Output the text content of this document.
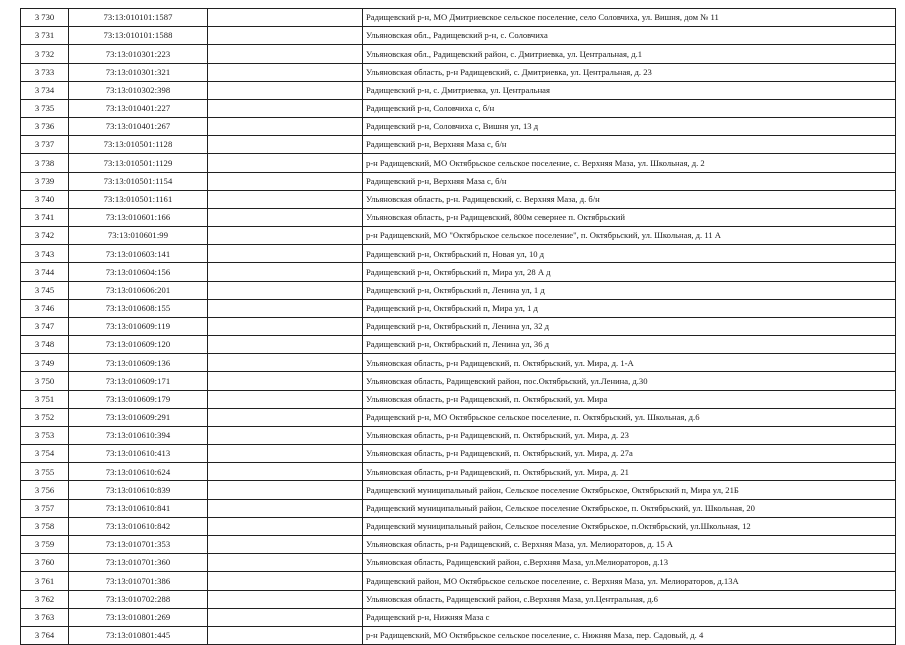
3 730	73:13:010101:1587		Радищевский р-н, МО Дмитриевское сельское поселение, село Соловчиха, ул. Вишня, дом № 11
3 731	73:13:010101:1588		Ульяновская обл., Радищевский р-н, с. Соловчиха
3 732	73:13:010301:223		Ульяновская обл., Радищевский район, с. Дмитриевка, ул. Центральная, д.1
3 733	73:13:010301:321		Ульяновская область, р-н Радищевский, с. Дмитриевка, ул. Центральная, д. 23
3 734	73:13:010302:398		Радищевский р-н, с. Дмитриевка, ул. Центральная
3 735	73:13:010401:227		Радищевский р-н, Соловчиха с, б/н
3 736	73:13:010401:267		Радищевский р-н, Соловчиха с, Вишня ул, 13 д
3 737	73:13:010501:1128		Радищевский р-н, Верхняя Маза с, б/н
3 738	73:13:010501:1129		р-н Радищевский, МО Октябрьское сельское поселение, с. Верхняя Маза, ул. Школьная, д. 2
3 739	73:13:010501:1154		Радищевский р-н, Верхняя Маза с, б/н
3 740	73:13:010501:1161		Ульяновская область, р-н. Радищевский, с. Верхняя Маза, д. б/н
3 741	73:13:010601:166		Ульяновская область, р-н Радищевский, 800м севернее п. Октябрьский
3 742	73:13:010601:99		р-н Радищевский, МО "Октябрьское сельское поселение", п. Октябрьский, ул. Школьная, д. 11 А
3 743	73:13:010603:141		Радищевский р-н, Октябрьский п, Новая ул, 10 д
3 744	73:13:010604:156		Радищевский р-н, Октябрьский п, Мира ул, 28 А д
3 745	73:13:010606:201		Радищевский р-н, Октябрьский п, Ленина ул, 1 д
3 746	73:13:010608:155		Радищевский р-н, Октябрьский п, Мира ул, 1 д
3 747	73:13:010609:119		Радищевский р-н, Октябрьский п, Ленина ул, 32 д
3 748	73:13:010609:120		Радищевский р-н, Октябрьский п, Ленина ул, 36 д
3 749	73:13:010609:136		Ульяновская область, р-н Радищевский, п. Октябрьский, ул. Мира, д. 1-А
3 750	73:13:010609:171		Ульяновская область, Радищевский район, пос.Октябрьский, ул.Ленина, д.30
3 751	73:13:010609:179		Ульяновская область, р-н Радищевский, п. Октябрьский, ул. Мира
3 752	73:13:010609:291		Радищевский р-н, МО Октябрьское сельское поселение, п. Октябрьский, ул. Школьная, д.6
3 753	73:13:010610:394		Ульяновская область, р-н Радищевский, п. Октябрьский, ул. Мира, д. 23
3 754	73:13:010610:413		Ульяновская область, р-н Радищевский, п. Октябрьский, ул. Мира, д. 27а
3 755	73:13:010610:624		Ульяновская область, р-н Радищевский, п. Октябрьский, ул. Мира, д. 21
3 756	73:13:010610:839		Радищевский муниципальный район, Сельское поселение Октябрьское, Октябрьский п, Мира ул, 21Б
3 757	73:13:010610:841		Радищевский муниципальный район, Сельское поселение Октябрьское, п. Октябрьский, ул. Школьная, 20
3 758	73:13:010610:842		Радищевский муниципальный район, Сельское поселение Октябрьское, п.Октябрьский, ул.Школьная, 12
3 759	73:13:010701:353		Ульяновская область, р-н Радищевский, с. Верхняя Маза, ул. Мелиораторов, д. 15 А
3 760	73:13:010701:360		Ульяновская область, Радищевский район, с.Верхняя Маза, ул.Мелиораторов, д.13
3 761	73:13:010701:386		Радищевский район, МО Октябрьское сельское поселение, с. Верхняя Маза, ул. Мелиораторов, д.13А
3 762	73:13:010702:288		Ульяновская область, Радищевский район, с.Верхняя Маза, ул.Центральная, д.6
3 763	73:13:010801:269		Радищевский р-н, Нижняя Маза с
3 764	73:13:010801:445		р-н Радищевский, МО Октябрьское сельское поселение, с. Нижняя Маза, пер. Садовый, д. 4
